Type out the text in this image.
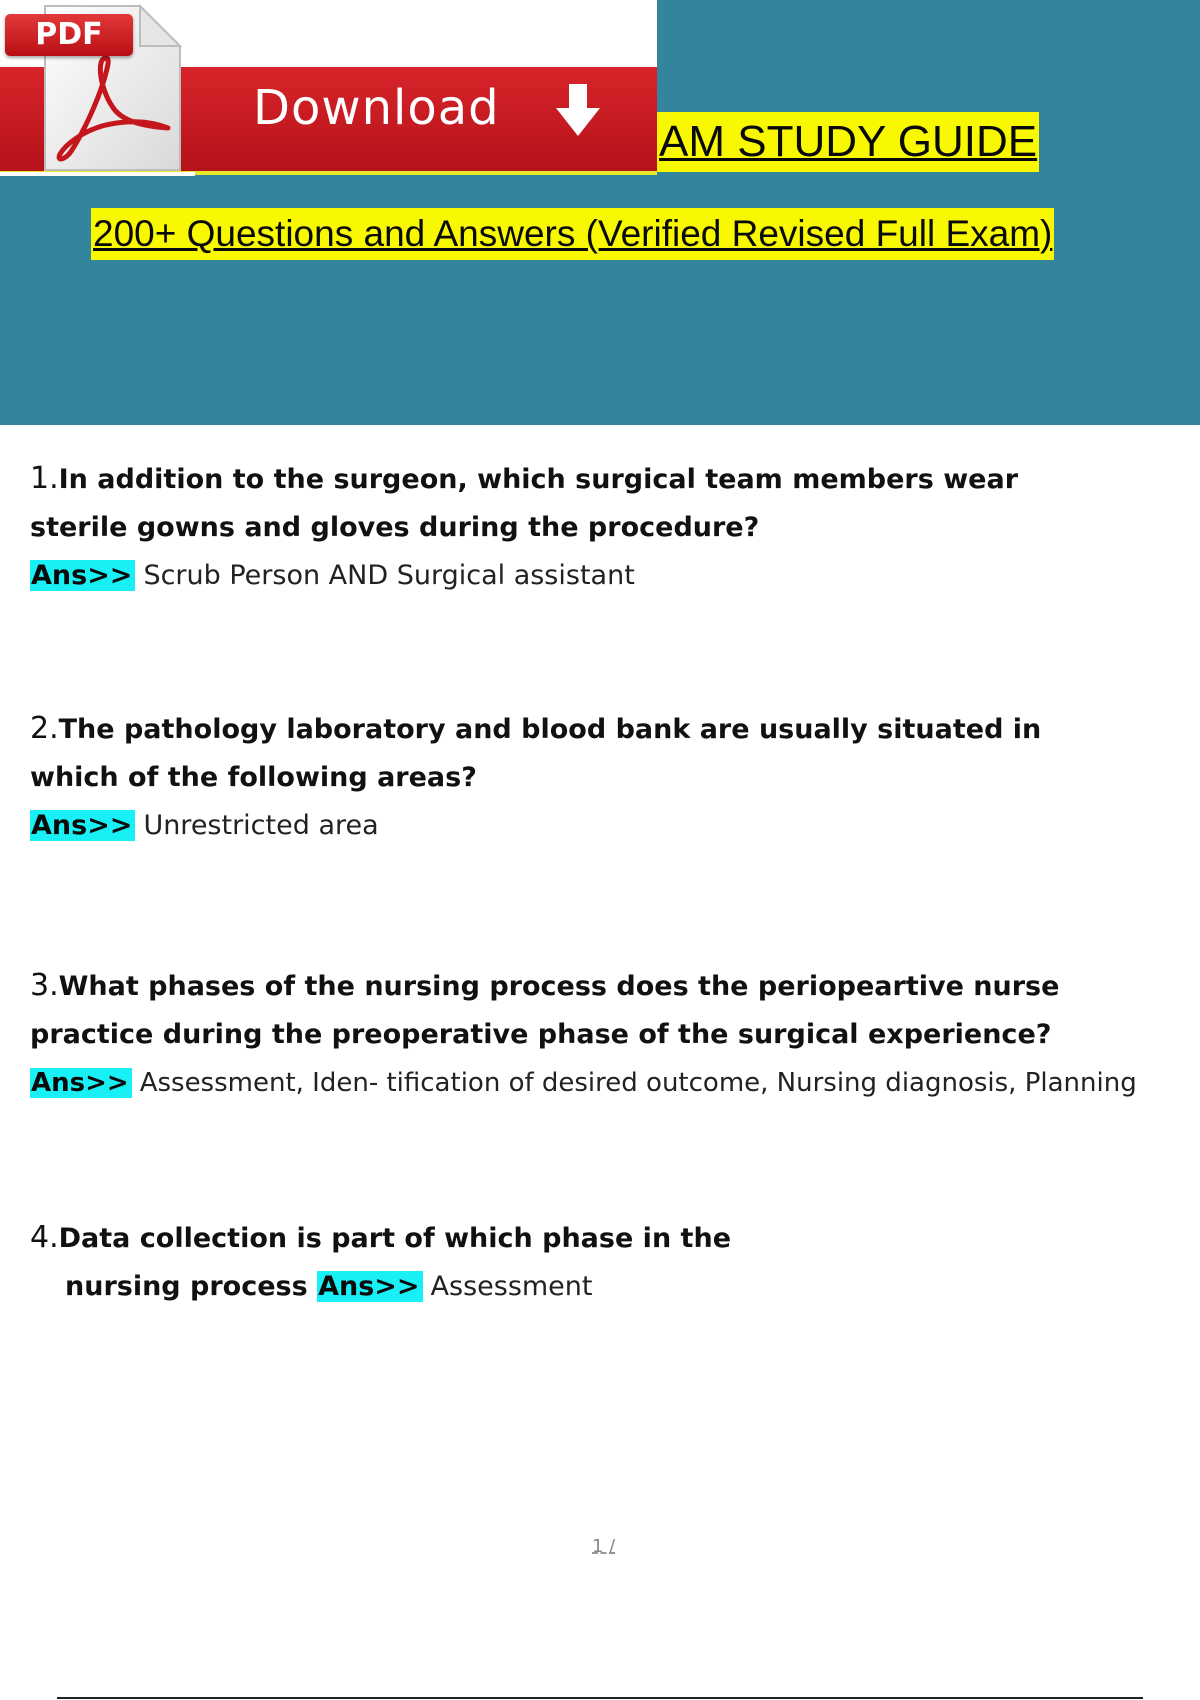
Download
PDF
AM STUDY GUIDE
200+ Questions and Answers (Verified Revised Full Exam)
1.In addition to the surgeon, which surgical team members wear
sterile gowns and gloves during the procedure?
Ans>> Scrub Person AND Surgical assistant
2.The pathology laboratory and blood bank are usually situated in
which of the following areas?
Ans>> Unrestricted area
3.What phases of the nursing process does the periopeartive nurse
practice during the preoperative phase of the surgical experience?
Ans>> Assessment, Iden- tification of desired outcome, Nursing diagnosis, Planning
4.Data collection is part of which phase in the
nursing process Ans>> Assessment
1 /
